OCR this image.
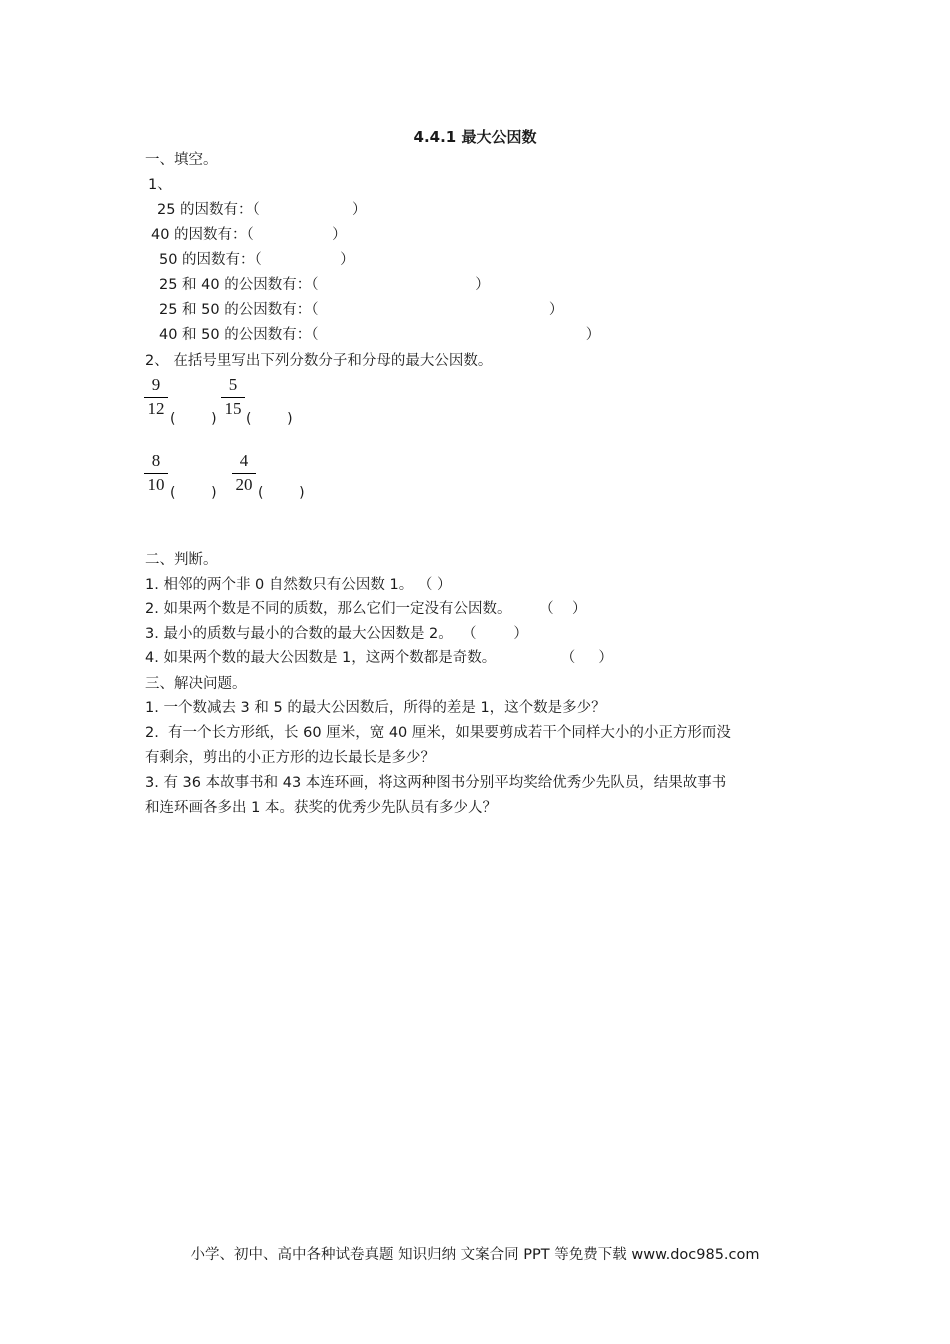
4.4.1 最大公因数
一、填空。
1、
25 的因数有：（                    ）
40 的因数有：（                 ）
50 的因数有：（                 ）
25 和 40 的公因数有：（                                  ）
25 和 50 的公因数有：（                                                  ）
40 和 50 的公因数有：（                                                          ）
2、 在括号里写出下列分数分子和分母的最大公因数。
9
12
(        )
5
15
(        )
8
10 (        )
4
20 (        )
二、判断。
1. 相邻的两个非 0 自然数只有公因数 1。 （ ）
2. 如果两个数是不同的质数，那么它们一定没有公因数。      （    ）
3. 最小的质数与最小的合数的最大公因数是 2。  （        ）
4. 如果两个数的最大公因数是 1，这两个数都是奇数。              （     ）
三、解决问题。
1. 一个数减去 3 和 5 的最大公因数后，所得的差是 1，这个数是多少？
2.  有一个长方形纸，长 60 厘米，宽 40 厘米，如果要剪成若干个同样大小的小正方形而没
有剩余，剪出的小正方形的边长最长是多少？
3. 有 36 本故事书和 43 本连环画，将这两种图书分别平均奖给优秀少先队员，结果故事书
和连环画各多出 1 本。获奖的优秀少先队员有多少人？
小学、初中、高中各种试卷真题 知识归纳 文案合同 PPT 等免费下载 www.doc985.com
